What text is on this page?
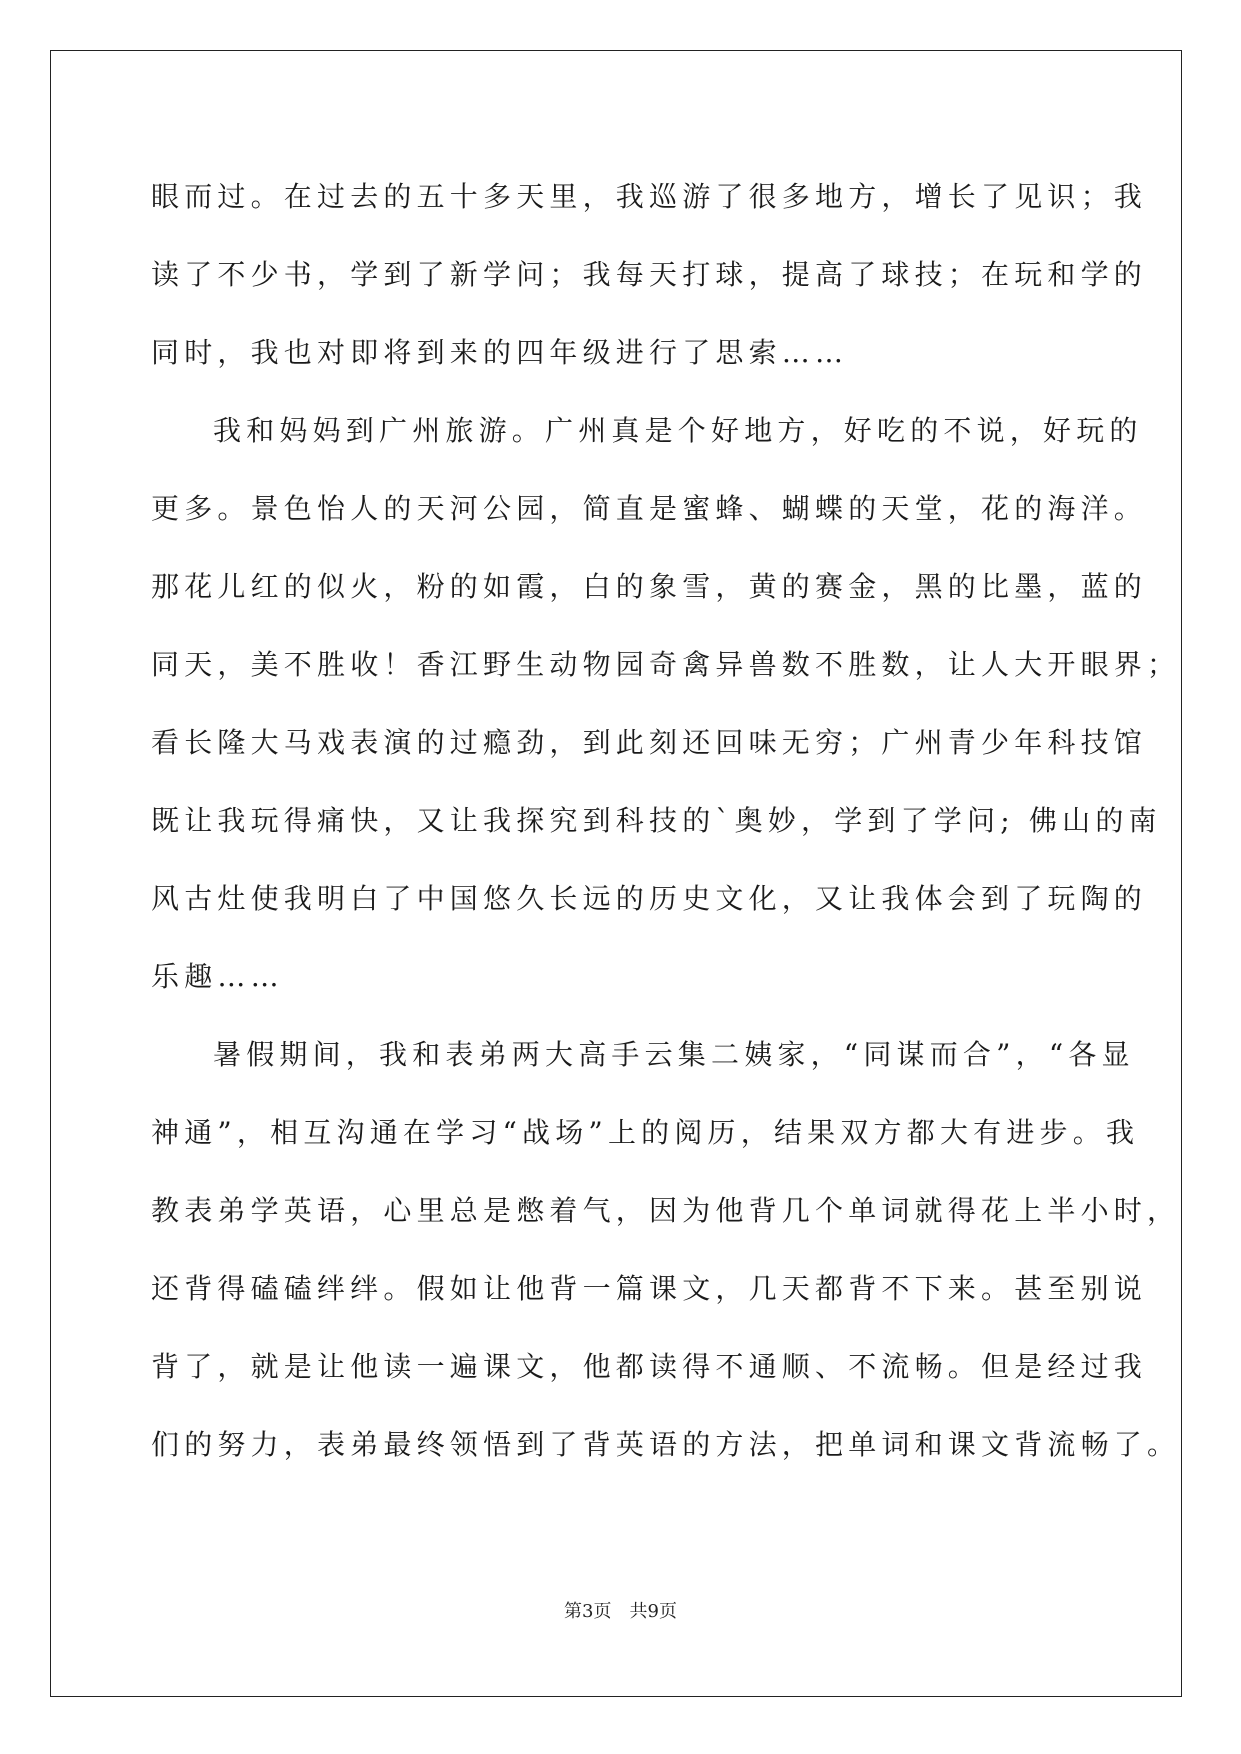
眼而过。在过去的五十多天里，我巡游了很多地方，增长了见识；我
读了不少书，学到了新学问；我每天打球，提高了球技；在玩和学的
同时，我也对即将到来的四年级进行了思索……
我和妈妈到广州旅游。广州真是个好地方，好吃的不说，好玩的
更多。景色怡人的天河公园，简直是蜜蜂、蝴蝶的天堂，花的海洋。
那花儿红的似火，粉的如霞，白的象雪，黄的赛金，黑的比墨，蓝的
同天，美不胜收！香江野生动物园奇禽异兽数不胜数，让人大开眼界；
看长隆大马戏表演的过瘾劲，到此刻还回味无穷；广州青少年科技馆
既让我玩得痛快，又让我探究到科技的`奥妙，学到了学问; 佛山的南
风古灶使我明白了中国悠久长远的历史文化，又让我体会到了玩陶的
乐趣……
暑假期间，我和表弟两大高手云集二姨家，“同谋而合”，“各显
神通”，相互沟通在学习“战场”上的阅历，结果双方都大有进步。我
教表弟学英语，心里总是憋着气，因为他背几个单词就得花上半小时，
还背得磕磕绊绊。假如让他背一篇课文，几天都背不下来。甚至别说
背了，就是让他读一遍课文，他都读得不通顺、不流畅。但是经过我
们的努力，表弟最终领悟到了背英语的方法，把单词和课文背流畅了。
第3页 共9页
